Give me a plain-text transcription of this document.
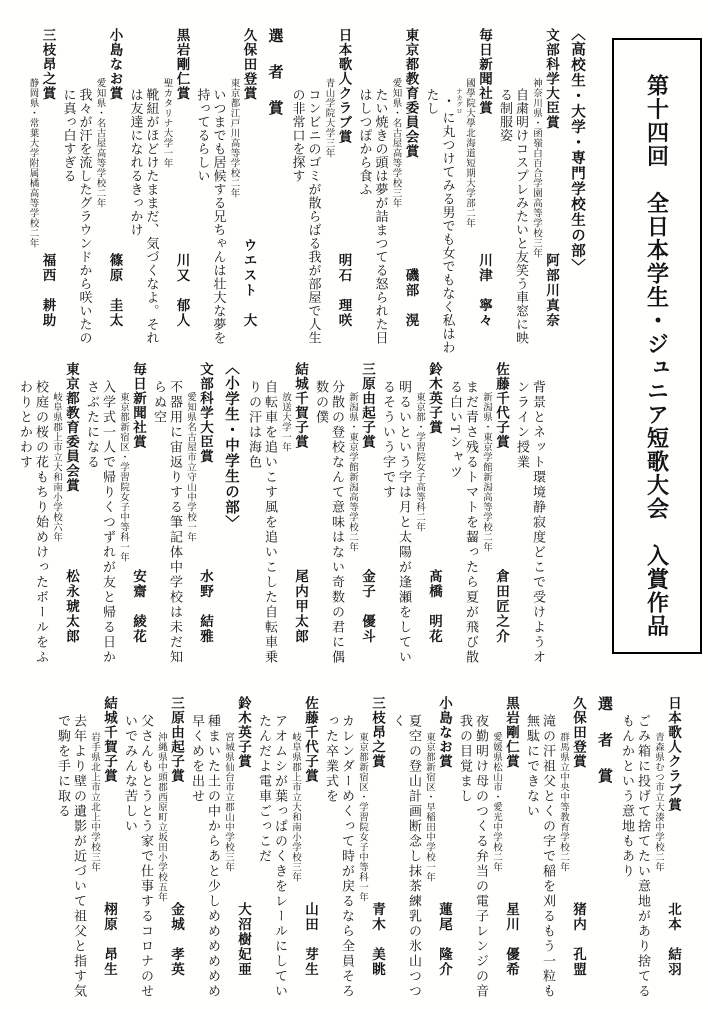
第十四回　全日本学生・ジュニア短歌大会　入賞作品
〈高校生・大学・専門学校生の部〉
文部科学大臣賞
阿部川真奈
神奈川県・函嶺白百合学園高等学校三年
自粛明けコスプレみたいと友笑う車窓に映る制服姿
毎日新聞社賞
川津　寧々
國學院大學北海道短期大学部二年
・ ナカグロに丸つけてみる男でも女でもなく私はわたし
東京都教育委員会賞
磯部　滉
愛知県・名古屋高等学校三年
たい焼きの頭は夢が詰まつてる怒られた日はしつぽから食ふ
日本歌人クラブ賞
明石　理咲
青山学院大学三年
コンビニのゴミが散らばる我が部屋で人生の非常口を探す
選　者　賞
久保田登賞
ウエスト　大
東京都江戸川高等学校二年
いつまでも居候する兄ちゃんは壮大な夢を持ってるらしい
黒岩剛仁賞
川又　郁人
聖カタリナ大学一年
靴紐がほどけたままだ、気づくなよ。それは友達になれるきっかけ
小島なお賞
篠原　圭太
愛知県・名古屋高等学校二年
我々が汗を流したグラウンドから咲いたのに真っ白すぎる
三枝昂之賞
福西　耕助
静岡県・常葉大学附属橘高等学校二年
背景とネット環境静寂度どこで受けようオンライン授業
佐藤千代子賞
倉田匠之介
新潟県・東京学館新潟高等学校二年
まだ青さ残るトマトを齧ったら夏が飛び散る白いTシャツ
鈴木英子賞
髙橋　明花
東京都・学習院女子高等科二年
明るいという字は月と太陽が逢瀬をしているそういう字です
三原由起子賞
金子　優斗
新潟県・東京学館新潟高等学校二年
分散の登校なんて意味はない奇数の君に偶数の僕
結城千賀子賞
尾内甲太郎
放送大学一年
自転車を追いこす風を追いこした自転車乗りの汗は海色
〈小学生・中学生の部〉
文部科学大臣賞
水野　結雅
愛知県名古屋市立守山中学校一年
不器用に宙返りする筆記体中学校は未だ知らぬ空
毎日新聞社賞
安齋　綾花
東京都新宿区・学習院女子中等科一年
入学式一人で帰りくつずれが友と帰る日かさぶたになる
東京都教育委員会賞
松永琥太郎
岐阜県郡上市立大和南小学校六年
校庭の桜の花もちり始めけったボールをふわりとかわす
日本歌人クラブ賞
北本　結羽
青森県むつ市立大湊中学校二年
ごみ箱に投げて捨てたい意地があり捨てるもんかという意地もあり
選　者　賞
久保田登賞
猪内　孔盟
群馬県立中央中等教育学校二年
滝の汗祖父とくの字で稲を刈るもう一粒も無駄にできない
黒岩剛仁賞
星川　優希
愛媛県松山市・愛光中学校二年
夜勤明け母のつくる弁当の電子レンジの音我の目覚まし
小島なお賞
蓮尾　隆介
東京都新宿区・早稲田中学校一年
夏空の登山計画断念し抹茶練乳の氷山つつく
三枝昂之賞
青木　美眺
東京都新宿区・学習院女子中等科一年
カレンダーめくって時が戻るなら全員そろった卒業式を
佐藤千代子賞
山田　芽生
岐阜県郡上市立大和南小学校三年
アオムシが葉っぱのくきをレールにしていたんだよ電車ごっこだ
鈴木英子賞
大沼樹妃亜
宮城県仙台市立郡山中学校三年
種まいた土の中からあと少しめめめめめめ早くめを出せ
三原由起子賞
金城　孝英
沖縄県中頭郡西原町立坂田小学校五年
父さんもとうとう家で仕事するコロナのせいでみんな苦しい
結城千賀子賞
栩原　昂生
岩手県北上市立北上中学校三年
去年より壁の遺影が近づいて祖父と指す気で駒を手に取る
